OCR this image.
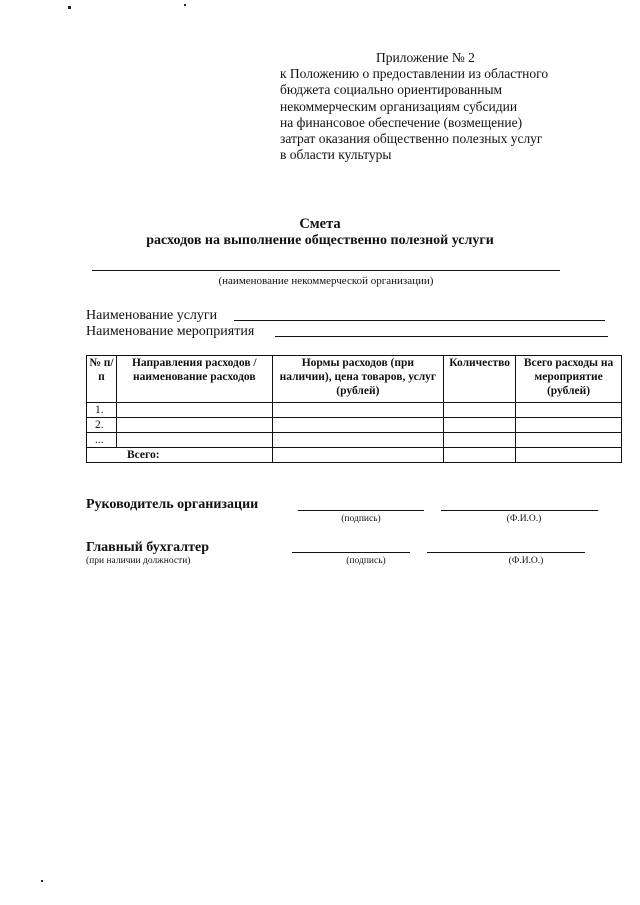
Приложение № 2
к Положению о предоставлении из областного
бюджета социально ориентированным
некоммерческим организациям субсидии
на финансовое обеспечение (возмещение)
затрат оказания общественно полезных услуг
в области культуры
Смета
расходов на выполнение общественно полезной услуги
(наименование некоммерческой организации)
Наименование услуги
Наименование мероприятия
№ п/п	Направления расходов / наименование расходов	Нормы расходов (при наличии), цена товаров, услуг (рублей)	Количество	Всего расходы на мероприятие (рублей)
1.				
2.				
...				
Всего:				
Руководитель организации
(подпись)	(Ф.И.О.)
Главный бухгалтер
(при наличии должности)	(подпись)	(Ф.И.О.)
